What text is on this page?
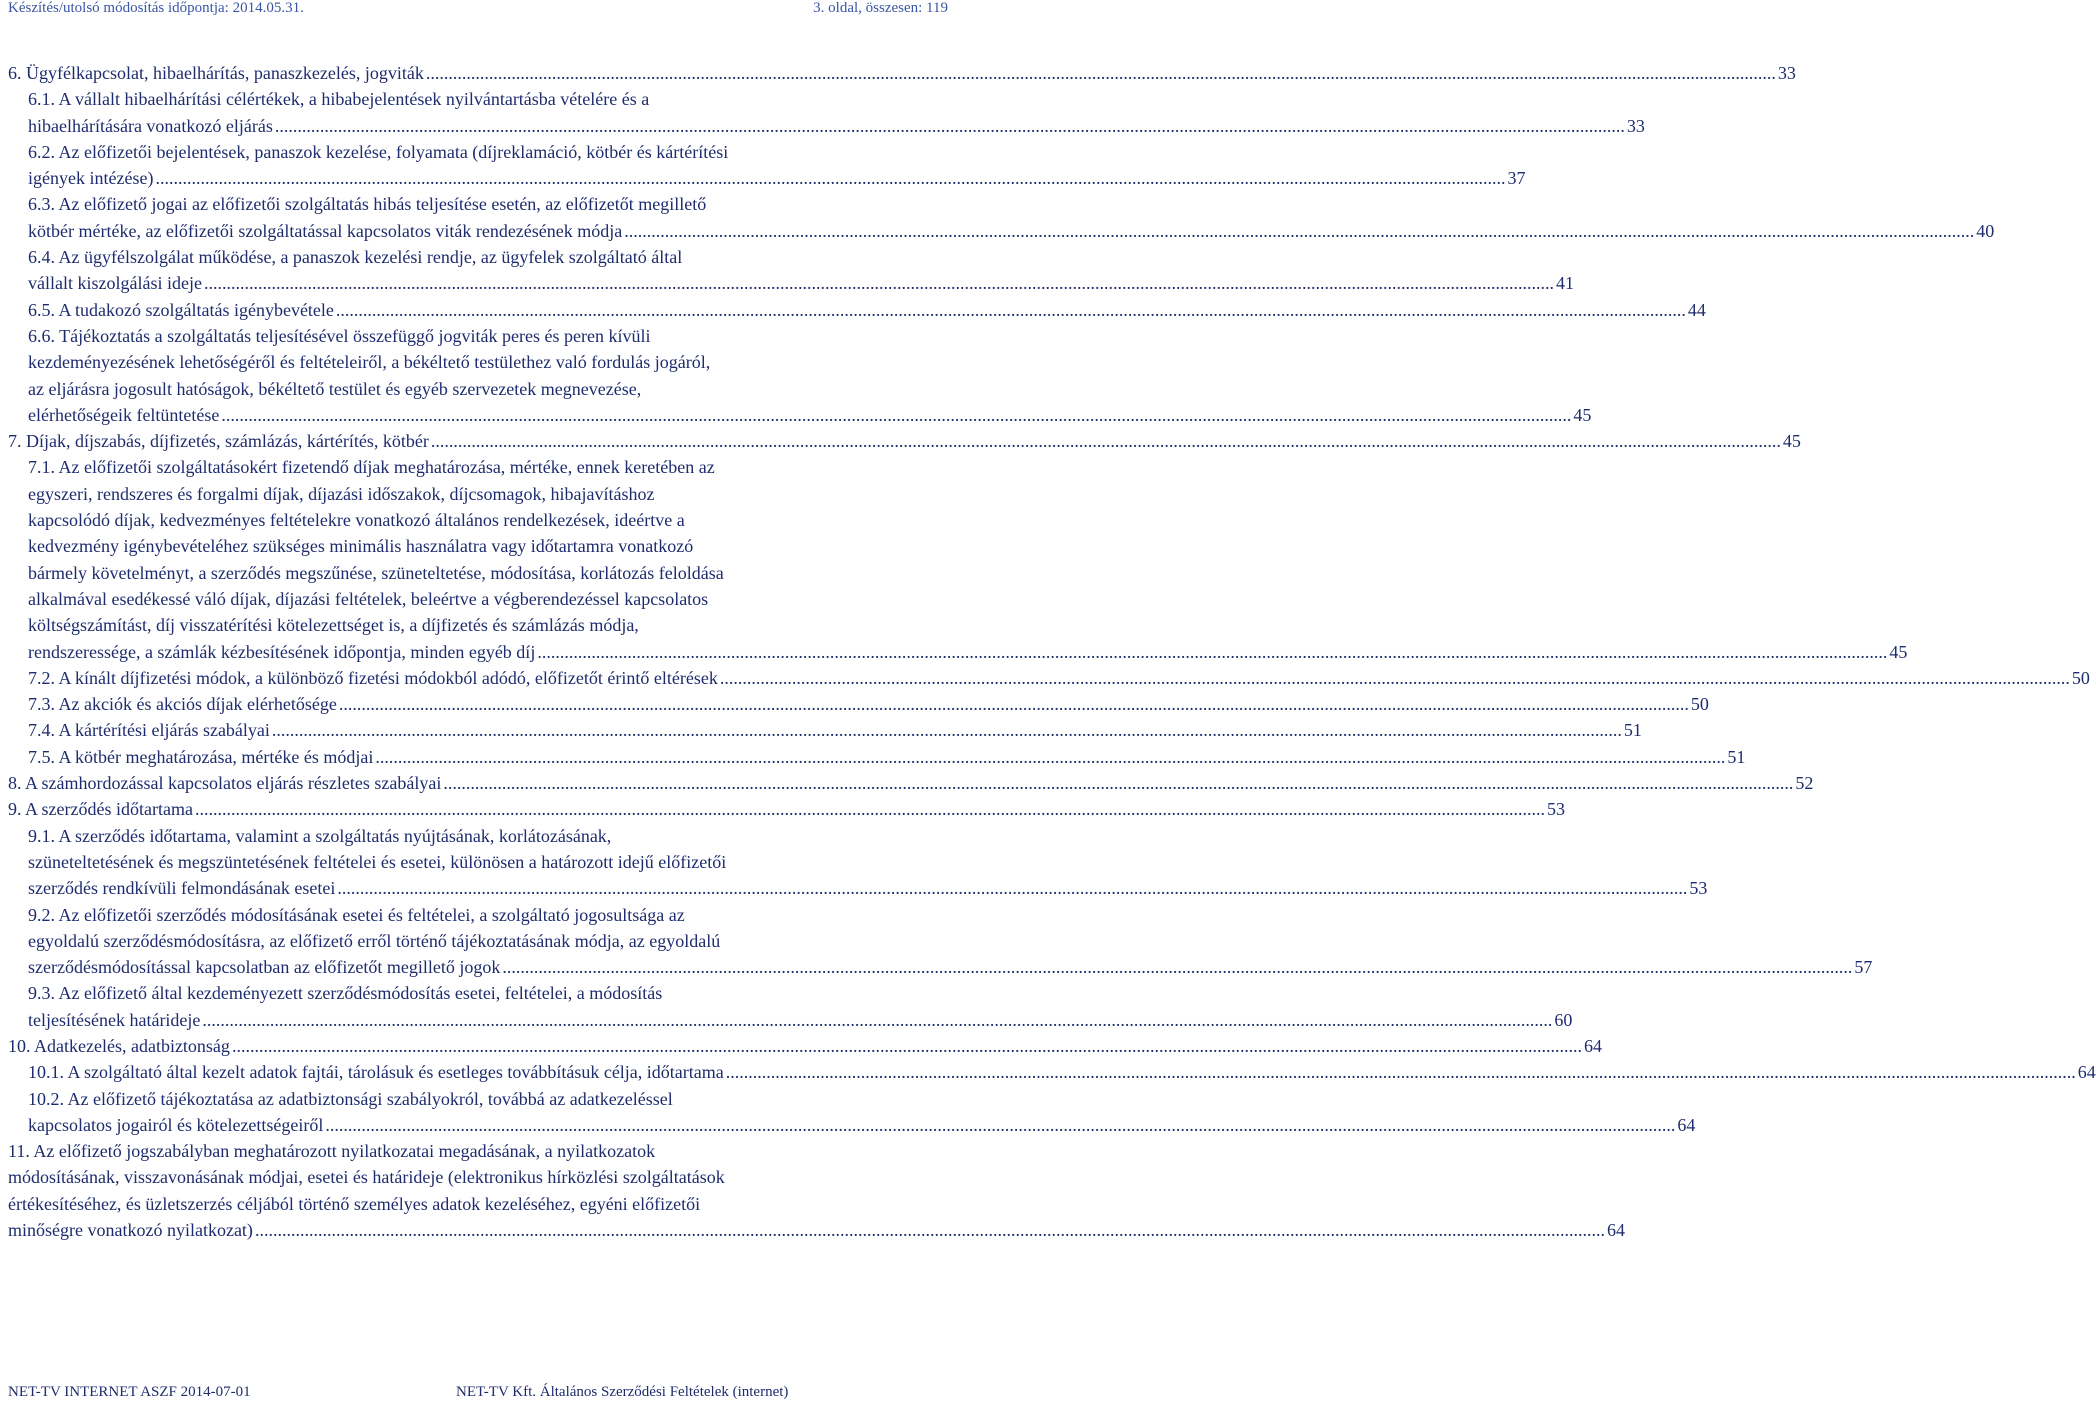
Készítés/utolsó módosítás időpontja: 2014.05.31.	3. oldal, összesen: 119
6. Ügyfélkapcsolat, hibaelhárítás, panaszkezelés, jogviták ............................................................................................................................................................................................................................................................................................................ 33
6.1. A vállalt hibaelhárítási célértékek, a hibabejelentések nyilvántartásba vételére és a
hibaelhárítására vonatkozó eljárás ............................................................................................................................................................................................................................................................................................................ 33
6.2. Az előfizetői bejelentések, panaszok kezelése, folyamata (díjreklamáció, kötbér és kártérítési
igények intézése) ............................................................................................................................................................................................................................................................................................................ 37
6.3. Az előfizető jogai az előfizetői szolgáltatás hibás teljesítése esetén, az előfizetőt megillető
kötbér mértéke, az előfizetői szolgáltatással kapcsolatos viták rendezésének módja ............................................................................................................................................................................................................................................................................................................ 40
6.4. Az ügyfélszolgálat működése, a panaszok kezelési rendje, az ügyfelek szolgáltató által
vállalt kiszolgálási ideje ............................................................................................................................................................................................................................................................................................................ 41
6.5. A tudakozó szolgáltatás igénybevétele ............................................................................................................................................................................................................................................................................................................ 44
6.6. Tájékoztatás a szolgáltatás teljesítésével összefüggő jogviták peres és peren kívüli
kezdeményezésének lehetőségéről és feltételeiről, a békéltető testülethez való fordulás jogáról,
az eljárásra jogosult hatóságok, békéltető testület és egyéb szervezetek megnevezése,
elérhetőségeik feltüntetése ............................................................................................................................................................................................................................................................................................................ 45
7. Díjak, díjszabás, díjfizetés, számlázás, kártérítés, kötbér ............................................................................................................................................................................................................................................................................................................ 45
7.1. Az előfizetői szolgáltatásokért fizetendő díjak meghatározása, mértéke, ennek keretében az
egyszeri, rendszeres és forgalmi díjak, díjazási időszakok, díjcsomagok, hibajavításhoz
kapcsolódó díjak, kedvezményes feltételekre vonatkozó általános rendelkezések, ideértve a
kedvezmény igénybevételéhez szükséges minimális használatra vagy időtartamra vonatkozó
bármely követelményt, a szerződés megszűnése, szüneteltetése, módosítása, korlátozás feloldása
alkalmával esedékessé váló díjak, díjazási feltételek, beleértve a végberendezéssel kapcsolatos
költségszámítást, díj visszatérítési kötelezettséget is, a díjfizetés és számlázás módja,
rendszeressége, a számlák kézbesítésének időpontja, minden egyéb díj ............................................................................................................................................................................................................................................................................................................ 45
7.2. A kínált díjfizetési módok, a különböző fizetési módokból adódó, előfizetőt érintő eltérések ............................................................................................................................................................................................................................................................................................................ 50
7.3. Az akciók és akciós díjak elérhetősége ............................................................................................................................................................................................................................................................................................................ 50
7.4. A kártérítési eljárás szabályai ............................................................................................................................................................................................................................................................................................................ 51
7.5. A kötbér meghatározása, mértéke és módjai ............................................................................................................................................................................................................................................................................................................ 51
8. A számhordozással kapcsolatos eljárás részletes szabályai ............................................................................................................................................................................................................................................................................................................ 52
9. A szerződés időtartama ............................................................................................................................................................................................................................................................................................................ 53
9.1. A szerződés időtartama, valamint a szolgáltatás nyújtásának, korlátozásának,
szüneteltetésének és megszüntetésének feltételei és esetei, különösen a határozott idejű előfizetői
szerződés rendkívüli felmondásának esetei ............................................................................................................................................................................................................................................................................................................ 53
9.2. Az előfizetői szerződés módosításának esetei és feltételei, a szolgáltató jogosultsága az
egyoldalú szerződésmódosításra, az előfizető erről történő tájékoztatásának módja, az egyoldalú
szerződésmódosítással kapcsolatban az előfizetőt megillető jogok ............................................................................................................................................................................................................................................................................................................ 57
9.3. Az előfizető által kezdeményezett szerződésmódosítás esetei, feltételei, a módosítás
teljesítésének határideje ............................................................................................................................................................................................................................................................................................................ 60
10. Adatkezelés, adatbiztonság ............................................................................................................................................................................................................................................................................................................ 64
10.1. A szolgáltató által kezelt adatok fajtái, tárolásuk és esetleges továbbításuk célja, időtartama ............................................................................................................................................................................................................................................................................................................ 64
10.2. Az előfizető tájékoztatása az adatbiztonsági szabályokról, továbbá az adatkezeléssel
kapcsolatos jogairól és kötelezettségeiről ............................................................................................................................................................................................................................................................................................................ 64
11. Az előfizető jogszabályban meghatározott nyilatkozatai megadásának, a nyilatkozatok
módosításának, visszavonásának módjai, esetei és határideje (elektronikus hírközlési szolgáltatások
értékesítéséhez, és üzletszerzés céljából történő személyes adatok kezeléséhez, egyéni előfizetői
minőségre vonatkozó nyilatkozat) ............................................................................................................................................................................................................................................................................................................ 64
NET-TV INTERNET ASZF 2014-07-01	NET-TV Kft. Általános Szerződési Feltételek (internet)
